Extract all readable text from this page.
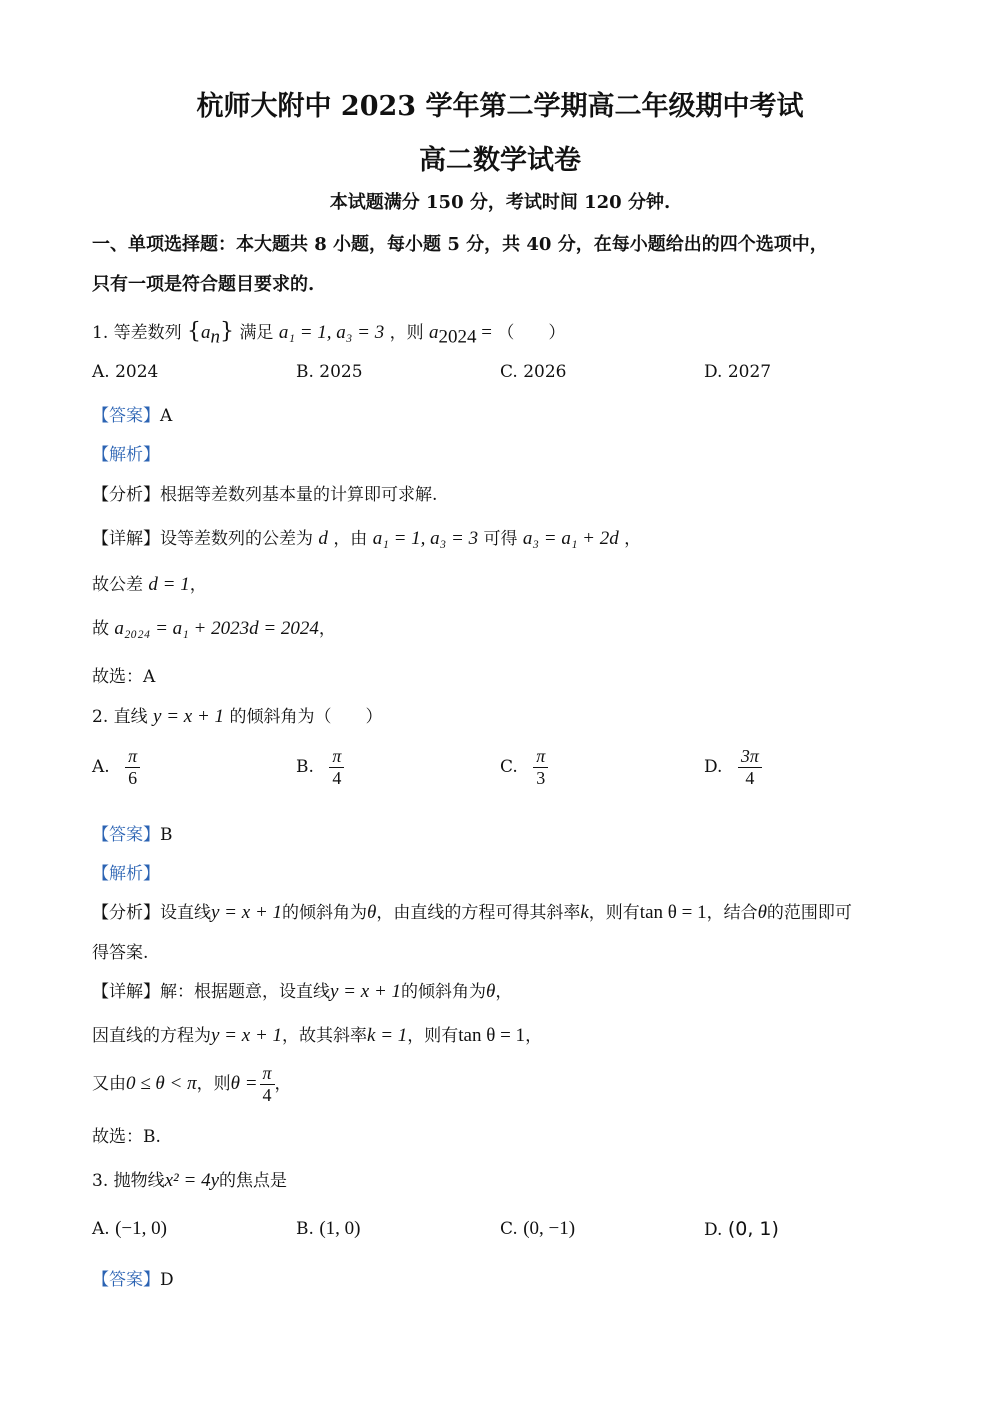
杭师大附中 2023 学年第二学期高二年级期中考试
高二数学试卷
本试题满分 150 分，考试时间 120 分钟.
一、单项选择题：本大题共 8 小题，每小题 5 分，共 40 分，在每小题给出的四个选项中，
只有一项是符合题目要求的.
1. 等差数列 $\{a_n\}$ 满足 a₁ = 1, a₃ = 3 ，则 $a_{2024}$ = （　　）
A. 2024	B. 2025	C. 2026	D. 2027
【答案】A
【解析】
【分析】根据等差数列基本量的计算即可求解.
【详解】设等差数列的公差为 d ，由 a₁ = 1, a₃ = 3 可得 a₃ = a₁ + 2d ，
故公差 d = 1，
故 a₂₀₂₄ = a₁ + 2023d = 2024，
故选：A
2. 直线 y = x + 1 的倾斜角为（　　）
A. $\frac{\pi}{6}$	B. $\frac{\pi}{4}$	C. $\frac{\pi}{3}$	D. $\frac{3\pi}{4}$
【答案】B
【解析】
【分析】设直线y = x + 1的倾斜角为θ，由直线的方程可得其斜率k，则有tan θ = 1，结合θ的范围即可
得答案.
【详解】解：根据题意，设直线y = x + 1的倾斜角为θ，
因直线的方程为y = x + 1，故其斜率k = 1，则有tan θ = 1，
又由0 ≤ θ < π，则$\theta = \frac{\pi}{4}$ ，
故选：B.
3. 抛物线x² = 4y的焦点是
A. (−1, 0)	B. (1, 0)	C. (0, −1)	D. (0, 1)
【答案】D
